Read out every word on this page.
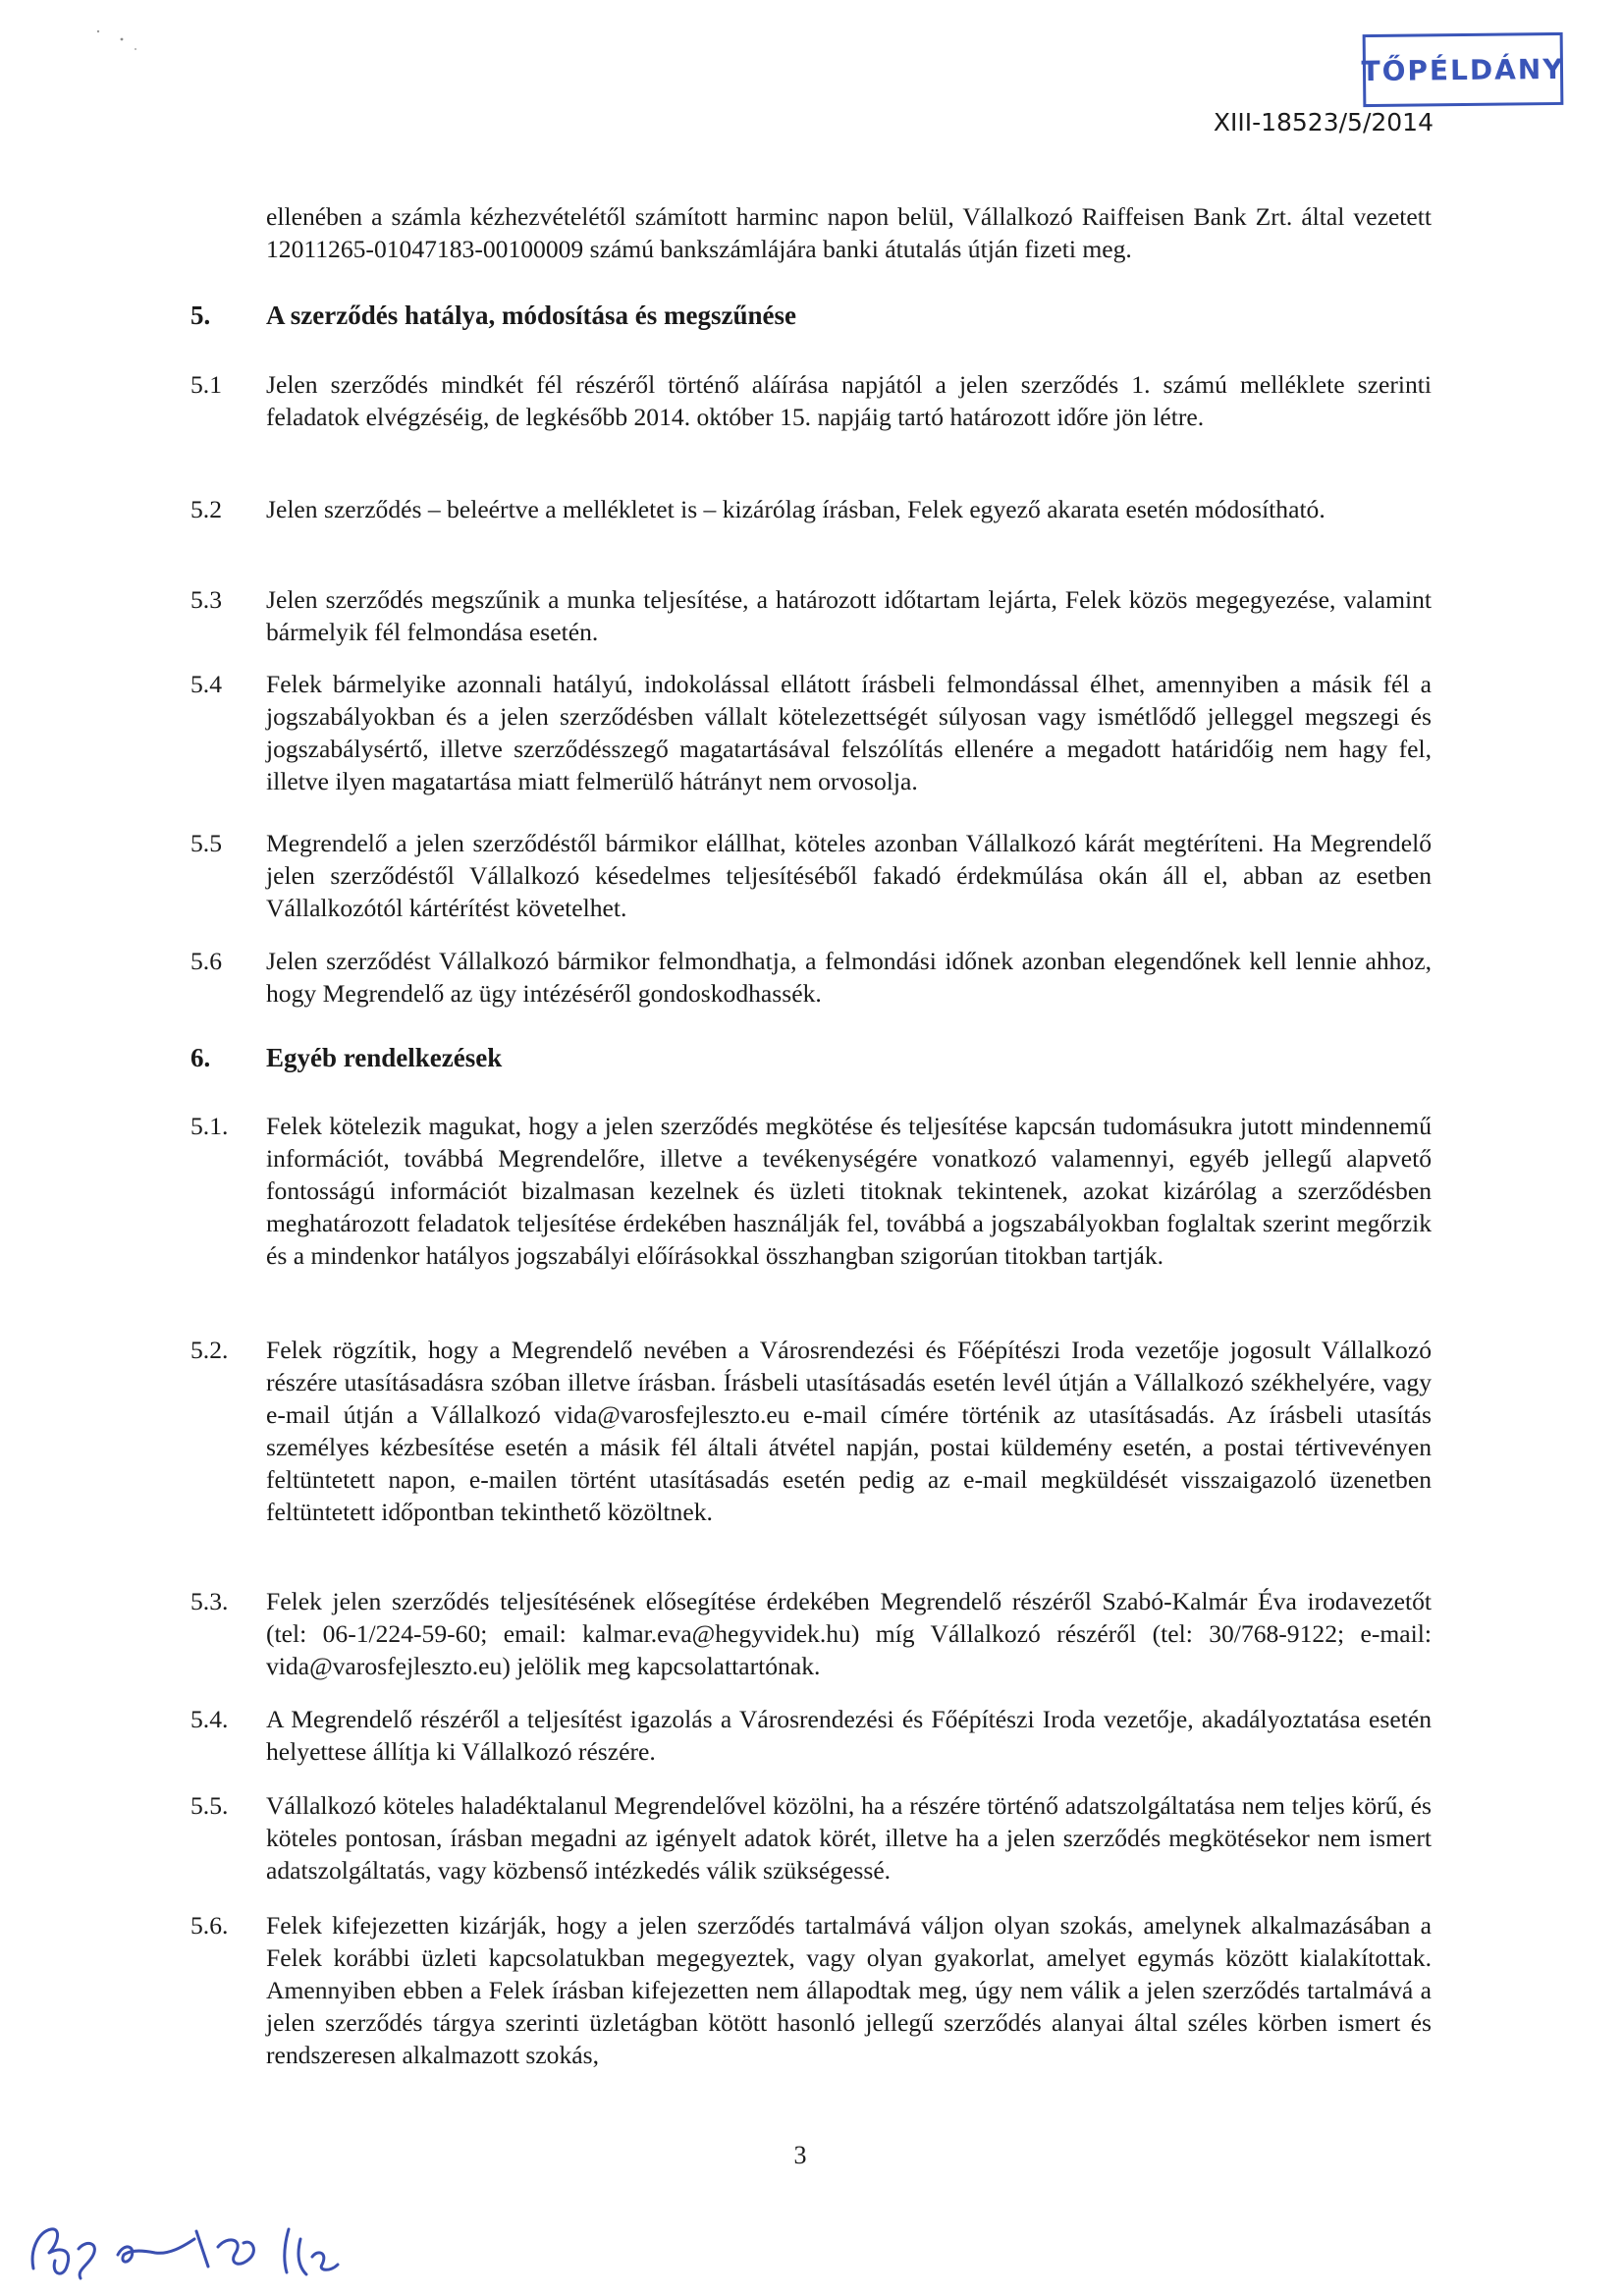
TŐPÉLDÁNY
XIII-18523/5/2014

ellenében a számla kézhezvételétől számított harminc napon belül, Vállalkozó Raiffeisen Bank Zrt. által vezetett 12011265-01047183-00100009 számú bankszámlájára banki átutalás útján fizeti meg.

5. A szerződés hatálya, módosítása és megszűnése
5.1 Jelen szerződés mindkét fél részéről történő aláírása napjától a jelen szerződés 1. számú melléklete szerinti feladatok elvégzéséig, de legkésőbb 2014. október 15. napjáig tartó határozott időre jön létre.

5.2 Jelen szerződés – beleértve a mellékletet is – kizárólag írásban, Felek egyező akarata esetén módosítható.

5.3 Jelen szerződés megszűnik a munka teljesítése, a határozott időtartam lejárta, Felek közös megegyezése, valamint bármelyik fél felmondása esetén.

5.4 Felek bármelyike azonnali hatályú, indokolással ellátott írásbeli felmondással élhet, amennyiben a másik fél a jogszabályokban és a jelen szerződésben vállalt kötelezettségét súlyosan vagy ismétlődő jelleggel megszegi és jogszabálysértő, illetve szerződésszegő magatartásával felszólítás ellenére a megadott határidőig nem hagy fel, illetve ilyen magatartása miatt felmerülő hátrányt nem orvosolja.

5.5 Megrendelő a jelen szerződéstől bármikor elállhat, köteles azonban Vállalkozó kárát megtéríteni. Ha Megrendelő jelen szerződéstől Vállalkozó késedelmes teljesítéséből fakadó érdekmúlása okán áll el, abban az esetben Vállalkozótól kártérítést követelhet.

5.6 Jelen szerződést Vállalkozó bármikor felmondhatja, a felmondási időnek azonban elegendőnek kell lennie ahhoz, hogy Megrendelő az ügy intézéséről gondoskodhassék.

6. Egyéb rendelkezések
5.1. Felek kötelezik magukat, hogy a jelen szerződés megkötése és teljesítése kapcsán tudomásukra jutott mindennemű információt, továbbá Megrendelőre, illetve a tevékenységére vonatkozó valamennyi, egyéb jellegű alapvető fontosságú információt bizalmasan kezelnek és üzleti titoknak tekintenek, azokat kizárólag a szerződésben meghatározott feladatok teljesítése érdekében használják fel, továbbá a jogszabályokban foglaltak szerint megőrzik és a mindenkor hatályos jogszabályi előírásokkal összhangban szigorúan titokban tartják.

5.2. Felek rögzítik, hogy a Megrendelő nevében a Városrendezési és Főépítészi Iroda vezetője jogosult Vállalkozó részére utasításadásra szóban illetve írásban. Írásbeli utasításadás esetén levél útján a Vállalkozó székhelyére, vagy e-mail útján a Vállalkozó vida@varosfejleszto.eu e-mail címére történik az utasításadás. Az írásbeli utasítás személyes kézbesítése esetén a másik fél általi átvétel napján, postai küldemény esetén, a postai tértivevényen feltüntetett napon, e-mailen történt utasításadás esetén pedig az e-mail megküldését visszaigazoló üzenetben feltüntetett időpontban tekinthető közöltnek.

5.3. Felek jelen szerződés teljesítésének elősegítése érdekében Megrendelő részéről Szabó-Kalmár Éva irodavezetőt (tel: 06-1/224-59-60; email: kalmar.eva@hegyvidek.hu) míg Vállalkozó részéről (tel: 30/768-9122; e-mail: vida@varosfejleszto.eu) jelölik meg kapcsolattartónak.

5.4. A Megrendelő részéről a teljesítést igazolás a Városrendezési és Főépítészi Iroda vezetője, akadályoztatása esetén helyettese állítja ki Vállalkozó részére.

5.5. Vállalkozó köteles haladéktalanul Megrendelővel közölni, ha a részére történő adatszolgáltatása nem teljes körű, és köteles pontosan, írásban megadni az igényelt adatok körét, illetve ha a jelen szerződés megkötésekor nem ismert adatszolgáltatás, vagy közbenső intézkedés válik szükségessé.

5.6. Felek kifejezetten kizárják, hogy a jelen szerződés tartalmává váljon olyan szokás, amelynek alkalmazásában a Felek korábbi üzleti kapcsolatukban megegyeztek, vagy olyan gyakorlat, amelyet egymás között kialakítottak. Amennyiben ebben a Felek írásban kifejezetten nem állapodtak meg, úgy nem válik a jelen szerződés tartalmává a jelen szerződés tárgya szerinti üzletágban kötött hasonló jellegű szerződés alanyai által széles körben ismert és rendszeresen alkalmazott szokás,

3
